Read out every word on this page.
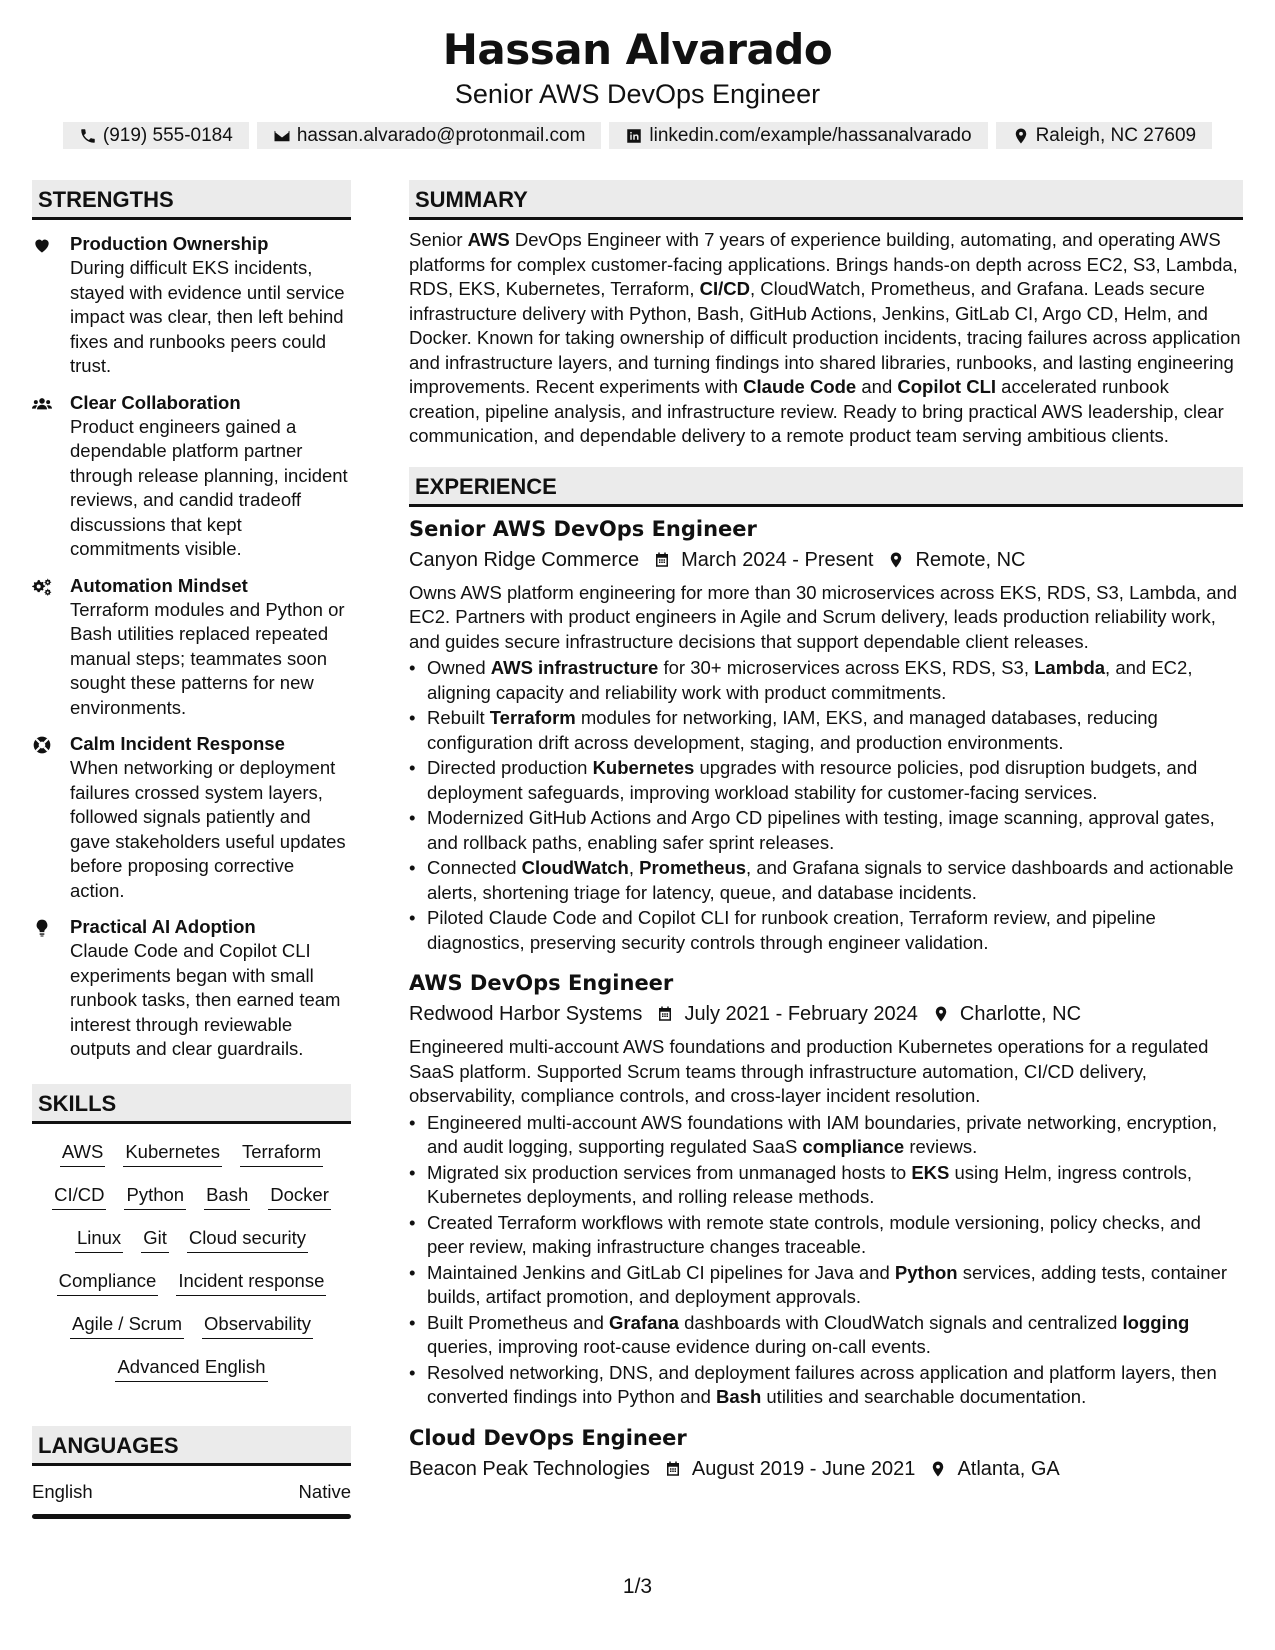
Hassan Alvarado
Senior AWS DevOps Engineer
(919) 555-0184	hassan.alvarado@protonmail.com	linkedin.com/example/hassanalvarado	Raleigh, NC 27609
STRENGTHS
Production Ownership
During difficult EKS incidents, stayed with evidence until service impact was clear, then left behind fixes and runbooks peers could trust.
Clear Collaboration
Product engineers gained a dependable platform partner through release planning, incident reviews, and candid tradeoff discussions that kept commitments visible.
Automation Mindset
Terraform modules and Python or Bash utilities replaced repeated manual steps; teammates soon sought these patterns for new environments.
Calm Incident Response
When networking or deployment failures crossed system layers, followed signals patiently and gave stakeholders useful updates before proposing corrective action.
Practical AI Adoption
Claude Code and Copilot CLI experiments began with small runbook tasks, then earned team interest through reviewable outputs and clear guardrails.
SKILLS
AWS Kubernetes Terraform
CI/CD Python Bash Docker
Linux Git Cloud security
Compliance Incident response
Agile / Scrum Observability
Advanced English
LANGUAGES
English	Native
SUMMARY
Senior AWS DevOps Engineer with 7 years of experience building, automating, and operating AWS platforms for complex customer-facing applications. Brings hands-on depth across EC2, S3, Lambda, RDS, EKS, Kubernetes, Terraform, CI/CD, CloudWatch, Prometheus, and Grafana. Leads secure infrastructure delivery with Python, Bash, GitHub Actions, Jenkins, GitLab CI, Argo CD, Helm, and Docker. Known for taking ownership of difficult production incidents, tracing failures across application and infrastructure layers, and turning findings into shared libraries, runbooks, and lasting engineering improvements. Recent experiments with Claude Code and Copilot CLI accelerated runbook creation, pipeline analysis, and infrastructure review. Ready to bring practical AWS leadership, clear communication, and dependable delivery to a remote product team serving ambitious clients.
EXPERIENCE
Senior AWS DevOps Engineer
Canyon Ridge Commerce March 2024 - Present Remote, NC
Owns AWS platform engineering for more than 30 microservices across EKS, RDS, S3, Lambda, and EC2. Partners with product engineers in Agile and Scrum delivery, leads production reliability work, and guides secure infrastructure decisions that support dependable client releases.
• Owned AWS infrastructure for 30+ microservices across EKS, RDS, S3, Lambda, and EC2, aligning capacity and reliability work with product commitments.
• Rebuilt Terraform modules for networking, IAM, EKS, and managed databases, reducing configuration drift across development, staging, and production environments.
• Directed production Kubernetes upgrades with resource policies, pod disruption budgets, and deployment safeguards, improving workload stability for customer-facing services.
• Modernized GitHub Actions and Argo CD pipelines with testing, image scanning, approval gates, and rollback paths, enabling safer sprint releases.
• Connected CloudWatch, Prometheus, and Grafana signals to service dashboards and actionable alerts, shortening triage for latency, queue, and database incidents.
• Piloted Claude Code and Copilot CLI for runbook creation, Terraform review, and pipeline diagnostics, preserving security controls through engineer validation.
AWS DevOps Engineer
Redwood Harbor Systems July 2021 - February 2024 Charlotte, NC
Engineered multi-account AWS foundations and production Kubernetes operations for a regulated SaaS platform. Supported Scrum teams through infrastructure automation, CI/CD delivery, observability, compliance controls, and cross-layer incident resolution.
• Engineered multi-account AWS foundations with IAM boundaries, private networking, encryption, and audit logging, supporting regulated SaaS compliance reviews.
• Migrated six production services from unmanaged hosts to EKS using Helm, ingress controls, Kubernetes deployments, and rolling release methods.
• Created Terraform workflows with remote state controls, module versioning, policy checks, and peer review, making infrastructure changes traceable.
• Maintained Jenkins and GitLab CI pipelines for Java and Python services, adding tests, container builds, artifact promotion, and deployment approvals.
• Built Prometheus and Grafana dashboards with CloudWatch signals and centralized logging queries, improving root-cause evidence during on-call events.
• Resolved networking, DNS, and deployment failures across application and platform layers, then converted findings into Python and Bash utilities and searchable documentation.
Cloud DevOps Engineer
Beacon Peak Technologies August 2019 - June 2021 Atlanta, GA
1/3
